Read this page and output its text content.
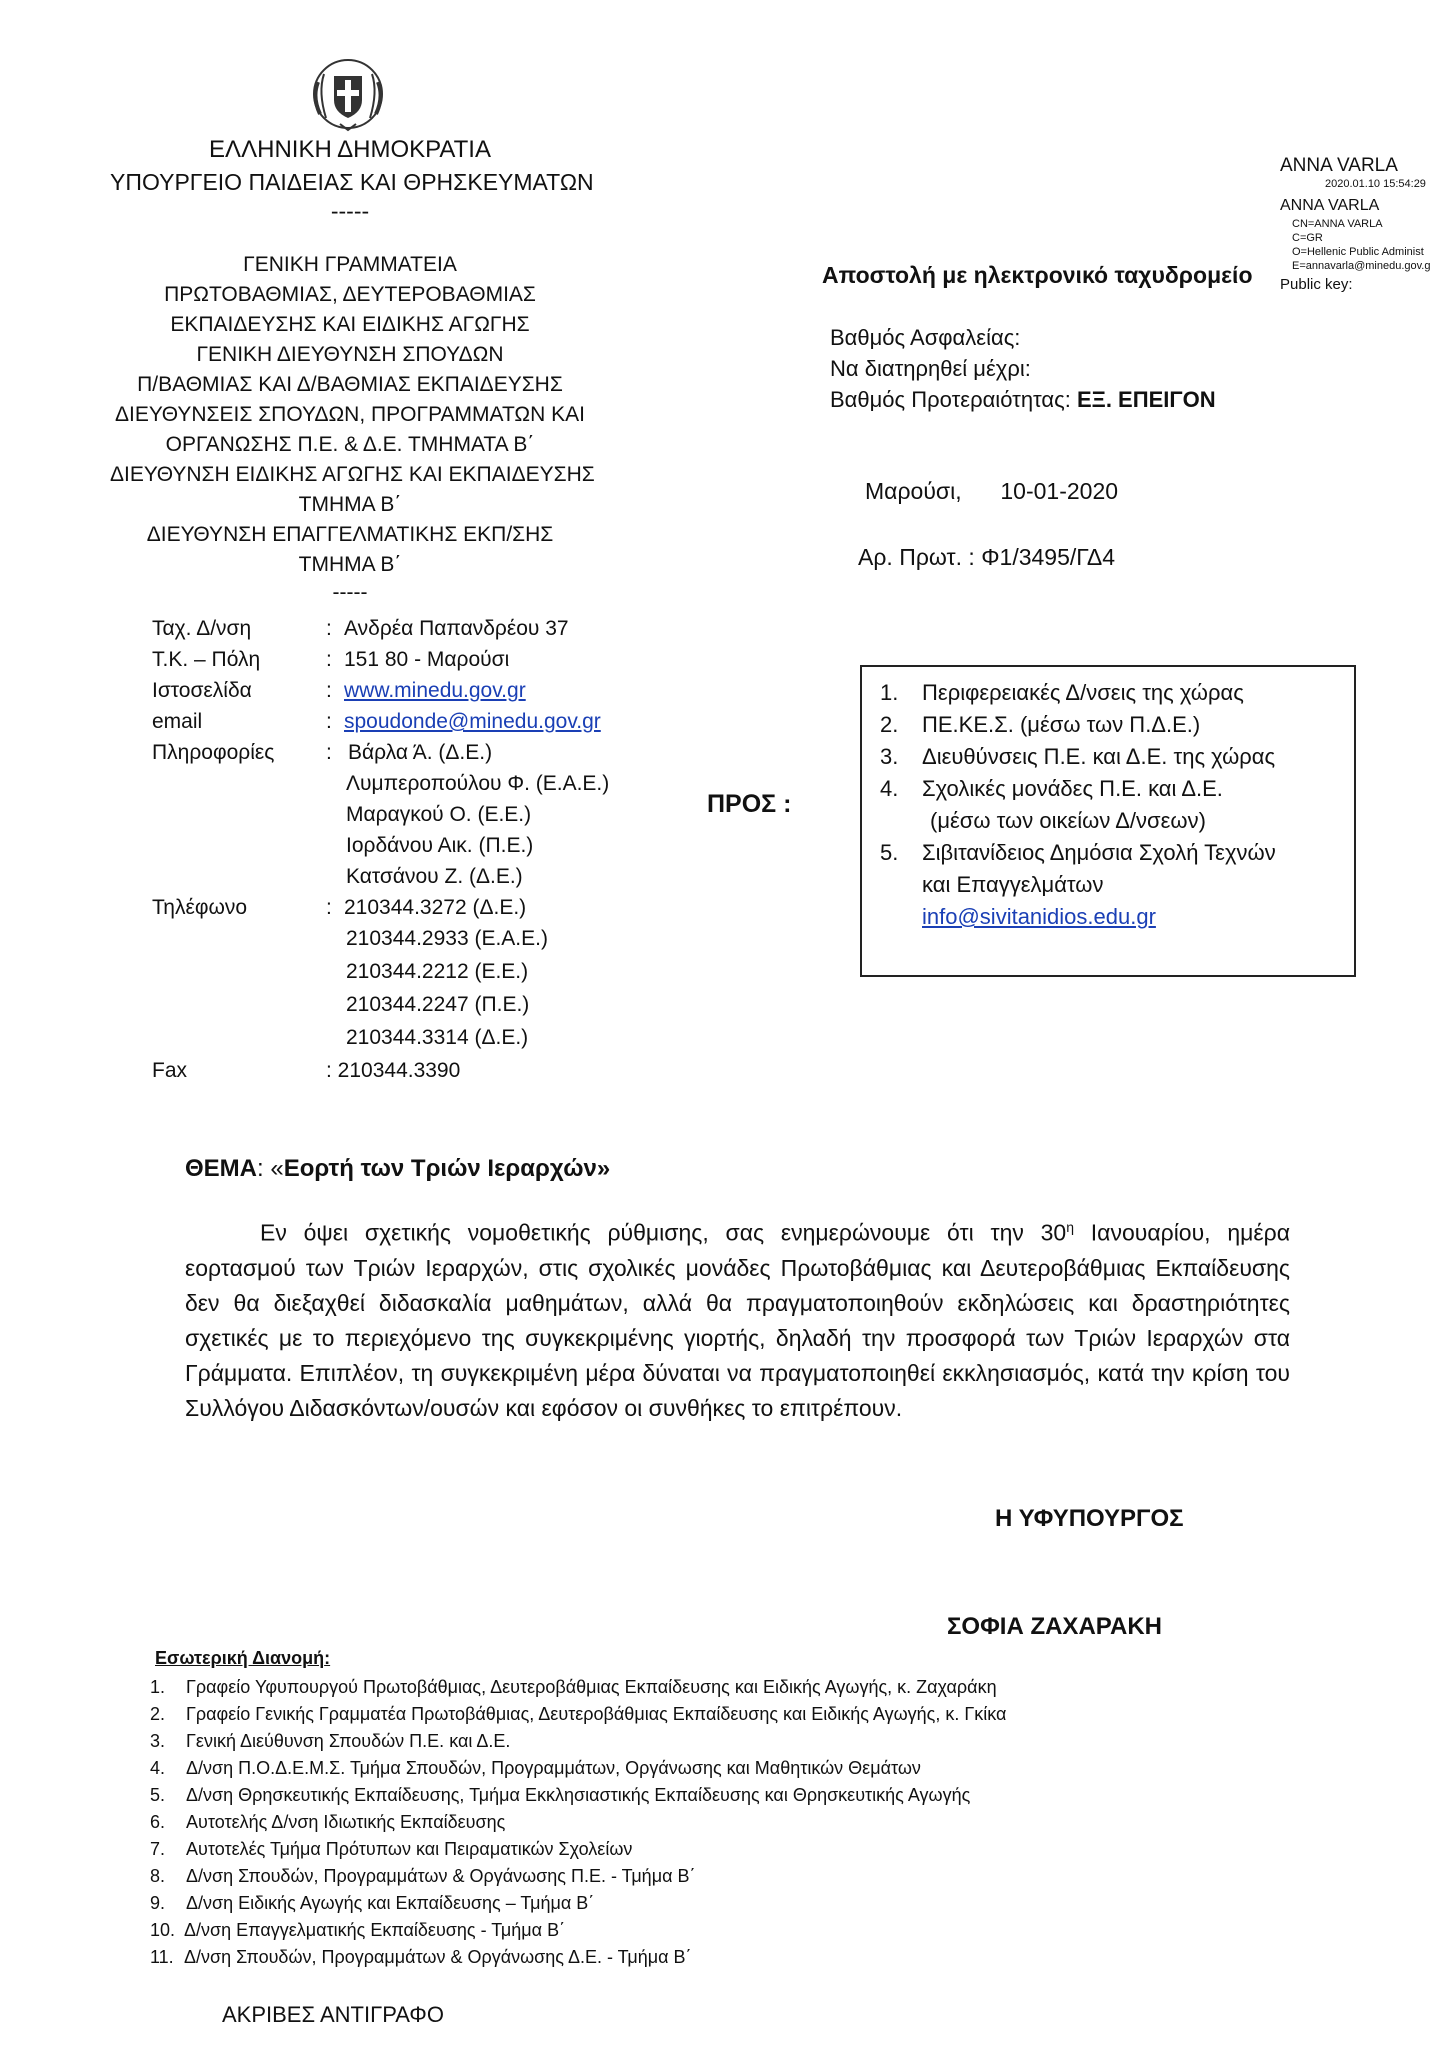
ΕΛΛΗΝΙΚΗ ΔΗΜΟΚΡΑΤΙΑ
ΥΠΟΥΡΓΕΙΟ ΠΑΙΔΕΙΑΣ ΚΑΙ ΘΡΗΣΚΕΥΜΑΤΩΝ
-----
ΓΕΝΙΚΗ ΓΡΑΜΜΑΤΕΙΑ
ΠΡΩΤΟΒΑΘΜΙΑΣ, ΔΕΥΤΕΡΟΒΑΘΜΙΑΣ
ΕΚΠΑΙΔΕΥΣΗΣ ΚΑΙ ΕΙΔΙΚΗΣ ΑΓΩΓΗΣ
ΓΕΝΙΚΗ ΔΙΕΥΘΥΝΣΗ ΣΠΟΥΔΩΝ
Π/ΒΑΘΜΙΑΣ ΚΑΙ Δ/ΒΑΘΜΙΑΣ ΕΚΠΑΙΔΕΥΣΗΣ
ΔΙΕΥΘΥΝΣΕΙΣ ΣΠΟΥΔΩΝ, ΠΡΟΓΡΑΜΜΑΤΩΝ ΚΑΙ
ΟΡΓΑΝΩΣΗΣ Π.Ε. & Δ.Ε. ΤΜΗΜΑΤΑ Β΄
ΔΙΕΥΘΥΝΣΗ ΕΙΔΙΚΗΣ ΑΓΩΓΗΣ ΚΑΙ ΕΚΠΑΙΔΕΥΣΗΣ
ΤΜΗΜΑ Β΄
ΔΙΕΥΘΥΝΣΗ ΕΠΑΓΓΕΛΜΑΤΙΚΗΣ ΕΚΠ/ΣΗΣ
ΤΜΗΜΑ Β΄
-----
ANNA VARLA
2020.01.10 15:54:29
ANNA VARLA
CN=ANNA VARLA
C=GR
O=Hellenic Public Administ
E=annavarla@minedu.gov.g
Public key:
Αποστολή με ηλεκτρονικό ταχυδρομείο
Βαθμός Ασφαλείας:
Να διατηρηθεί μέχρι:
Βαθμός Προτεραιότητας: ΕΞ. ΕΠΕΙΓΟΝ
Μαρούσι, 10-01-2020
Αρ. Πρωτ. : Φ1/3495/ΓΔ4
Ταχ. Δ/νση	: Ανδρέα Παπανδρέου 37
Τ.Κ. – Πόλη	: 151 80 - Μαρούσι
Ιστοσελίδα	: www.minedu.gov.gr
email	: spoudonde@minedu.gov.gr
Πληροφορίες : Βάρλα Ά. (Δ.Ε.)
Λυμπεροπούλου Φ. (Ε.Α.Ε.)
Μαραγκού Ο. (Ε.Ε.)
Ιορδάνου Αικ. (Π.Ε.)
Κατσάνου Ζ. (Δ.Ε.)
Τηλέφωνο	: 210344.3272 (Δ.Ε.)
210344.2933 (Ε.Α.Ε.)
210344.2212 (Ε.Ε.)
210344.2247 (Π.Ε.)
210344.3314 (Δ.Ε.)
Fax	: 210344.3390
ΠΡΟΣ :
1. Περιφερειακές Δ/νσεις της χώρας
2. ΠΕ.ΚΕ.Σ. (μέσω των Π.Δ.Ε.)
3. Διευθύνσεις Π.Ε. και Δ.Ε. της χώρας
4. Σχολικές μονάδες Π.Ε. και Δ.Ε.
(μέσω των οικείων Δ/νσεων)
5. Σιβιτανίδειος Δημόσια Σχολή Τεχνών
και Επαγγελμάτων
info@sivitanidios.edu.gr
ΘΕΜΑ: «Εορτή των Τριών Ιεραρχών»
Εν όψει σχετικής νομοθετικής ρύθμισης, σας ενημερώνουμε ότι την $30^\eta$ Ιανουαρίου, ημέρα εορτασμού των Τριών Ιεραρχών, στις σχολικές μονάδες Πρωτοβάθμιας και Δευτεροβάθμιας Εκπαίδευσης δεν θα διεξαχθεί διδασκαλία μαθημάτων, αλλά θα πραγματοποιηθούν εκδηλώσεις και δραστηριότητες σχετικές με το περιεχόμενο της συγκεκριμένης γιορτής, δηλαδή την προσφορά των Τριών Ιεραρχών στα Γράμματα. Επιπλέον, τη συγκεκριμένη μέρα δύναται να πραγματοποιηθεί εκκλησιασμός, κατά την κρίση του Συλλόγου Διδασκόντων/ουσών και εφόσον οι συνθήκες το επιτρέπουν.
Η ΥΦΥΠΟΥΡΓΟΣ
ΣΟΦΙΑ ΖΑΧΑΡΑΚΗ
Εσωτερική Διανομή:
1. Γραφείο Υφυπουργού Πρωτοβάθμιας, Δευτεροβάθμιας Εκπαίδευσης και Ειδικής Αγωγής, κ. Ζαχαράκη
2. Γραφείο Γενικής Γραμματέα Πρωτοβάθμιας, Δευτεροβάθμιας Εκπαίδευσης και Ειδικής Αγωγής, κ. Γκίκα
3. Γενική Διεύθυνση Σπουδών Π.Ε. και Δ.Ε.
4. Δ/νση Π.Ο.Δ.Ε.Μ.Σ. Τμήμα Σπουδών, Προγραμμάτων, Οργάνωσης και Μαθητικών Θεμάτων
5. Δ/νση Θρησκευτικής Εκπαίδευσης, Τμήμα Εκκλησιαστικής Εκπαίδευσης και Θρησκευτικής Αγωγής
6. Αυτοτελής Δ/νση Ιδιωτικής Εκπαίδευσης
7. Αυτοτελές Τμήμα Πρότυπων και Πειραματικών Σχολείων
8. Δ/νση Σπουδών, Προγραμμάτων & Οργάνωσης Π.Ε. - Τμήμα Β΄
9. Δ/νση Ειδικής Αγωγής και Εκπαίδευσης – Τμήμα Β΄
10. Δ/νση Επαγγελματικής Εκπαίδευσης - Τμήμα Β΄
11. Δ/νση Σπουδών, Προγραμμάτων & Οργάνωσης Δ.Ε. - Τμήμα Β΄
ΑΚΡΙΒΕΣ ΑΝΤΙΓΡΑΦΟ
